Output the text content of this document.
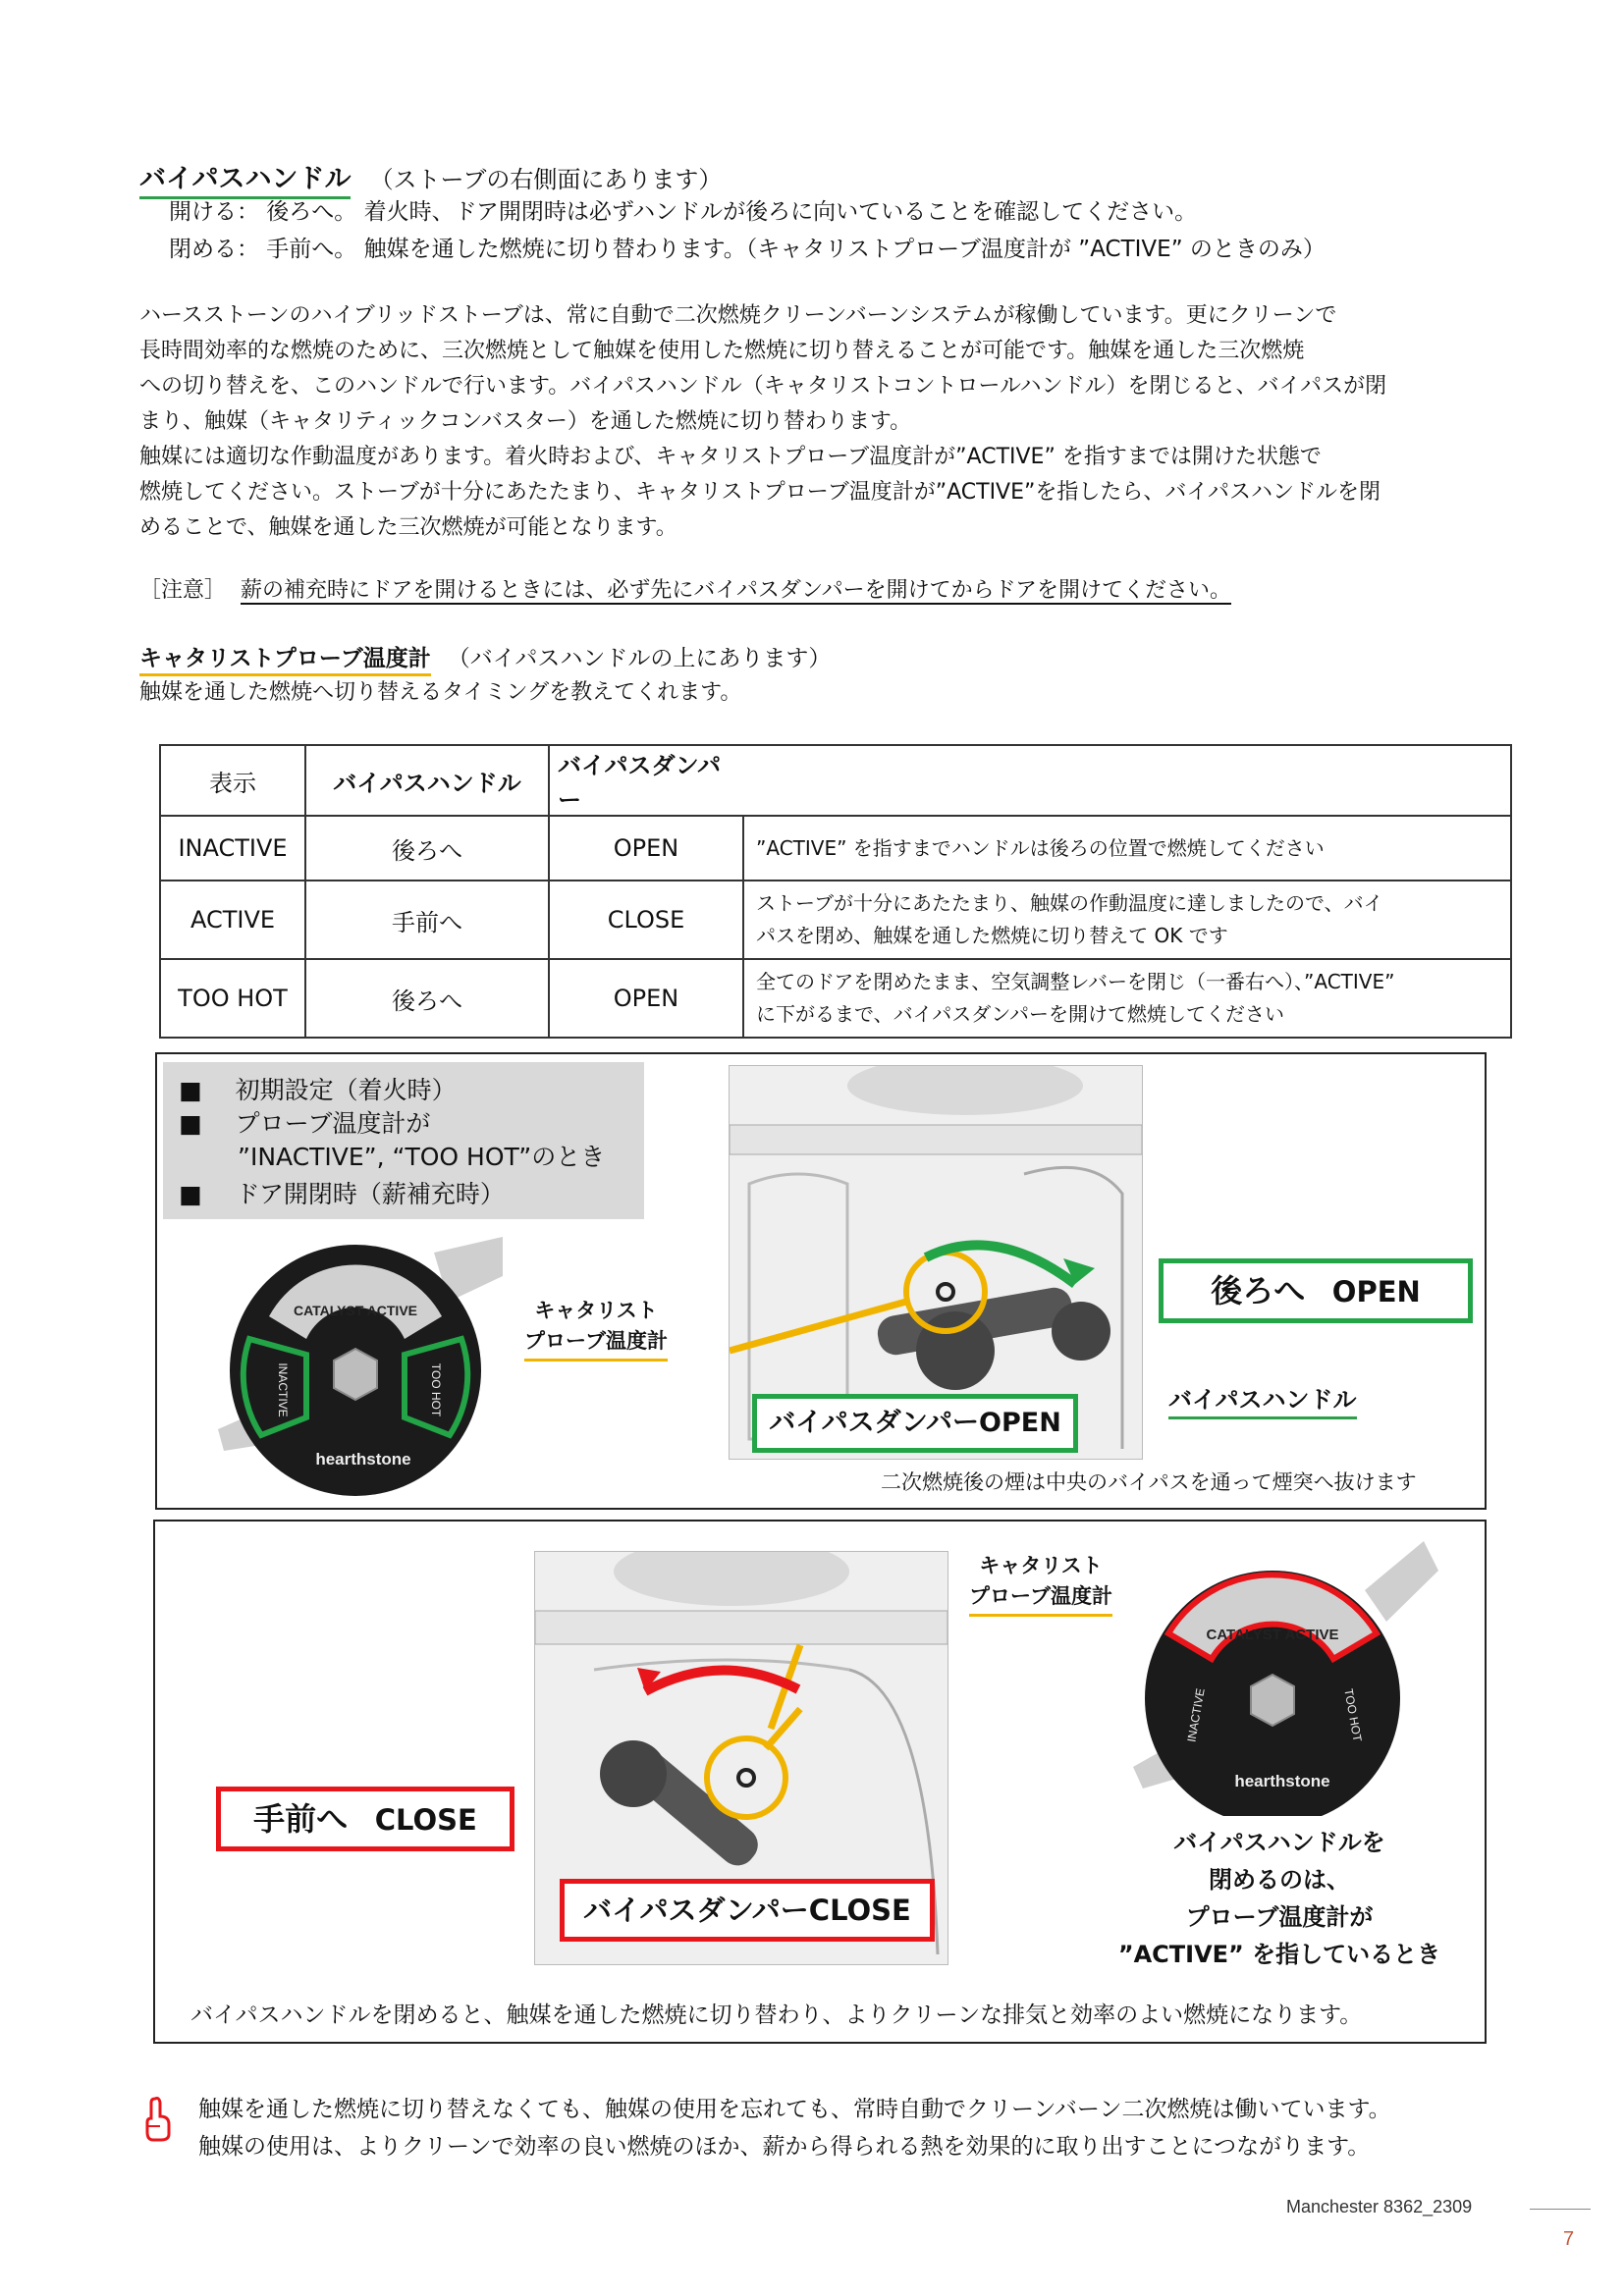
バイパスハンドル （ストーブの右側面にあります）
開ける： 後ろへ。 着火時、ドア開閉時は必ずハンドルが後ろに向いていることを確認してください。
閉める： 手前へ。 触媒を通した燃焼に切り替わります。（キャタリストプローブ温度計が ”ACTIVE” のときのみ）
ハースストーンのハイブリッドストーブは、常に自動で二次燃焼クリーンバーンシステムが稼働しています。更にクリーンで
長時間効率的な燃焼のために、三次燃焼として触媒を使用した燃焼に切り替えることが可能です。触媒を通した三次燃焼
への切り替えを、このハンドルで行います。バイパスハンドル（キャタリストコントロールハンドル）を閉じると、バイパスが閉
まり、触媒（キャタリティックコンバスター）を通した燃焼に切り替わります。
触媒には適切な作動温度があります。着火時および、キャタリストプローブ温度計が”ACTIVE” を指すまでは開けた状態で
燃焼してください。ストーブが十分にあたたまり、キャタリストプローブ温度計が”ACTIVE”を指したら、バイパスハンドルを閉
めることで、触媒を通した三次燃焼が可能となります。
［注意］ 薪の補充時にドアを開けるときには、必ず先にバイパスダンパーを開けてからドアを開けてください。
キャタリストプローブ温度計 （バイパスハンドルの上にあります）
触媒を通した燃焼へ切り替えるタイミングを教えてくれます。
表示	バイパスハンドル	バイパスダンパー	
INACTIVE	後ろへ	OPEN	”ACTIVE” を指すまでハンドルは後ろの位置で燃焼してください

ACTIVE	手前へ	CLOSE	ストーブが十分にあたたまり、触媒の作動温度に達しましたので、バイ
パスを閉め、触媒を通した燃焼に切り替えて OK です

TOO HOT	後ろへ	OPEN	全てのドアを閉めたまま、空気調整レバーを閉じ（一番右へ）、”ACTIVE”
に下がるまで、バイパスダンパーを開けて燃焼してください
■ 初期設定（着火時）
■ プローブ温度計が
”INACTIVE”, “TOO HOT”のとき
■ ドア開閉時（薪補充時）
CATALYST ACTIVE
INACTIVE	TOO HOT
hearthstone
キャタリスト
プローブ温度計
後ろへ OPEN
バイパスハンドル
バイパスダンパーOPEN
二次燃焼後の煙は中央のバイパスを通って煙突へ抜けます
キャタリスト
プローブ温度計
手前へ CLOSE
バイパスダンパーCLOSE
CATALYST ACTIVE
INACTIVE	TOO HOT
hearthstone
バイパスハンドルを
閉めるのは、
プローブ温度計が
”ACTIVE” を指しているとき
バイパスハンドルを閉めると、触媒を通した燃焼に切り替わり、よりクリーンな排気と効率のよい燃焼になります。
触媒を通した燃焼に切り替えなくても、触媒の使用を忘れても、常時自動でクリーンバーン二次燃焼は働いています。
触媒の使用は、よりクリーンで効率の良い燃焼のほか、薪から得られる熱を効果的に取り出すことにつながります。
Manchester 8362_2309
7
